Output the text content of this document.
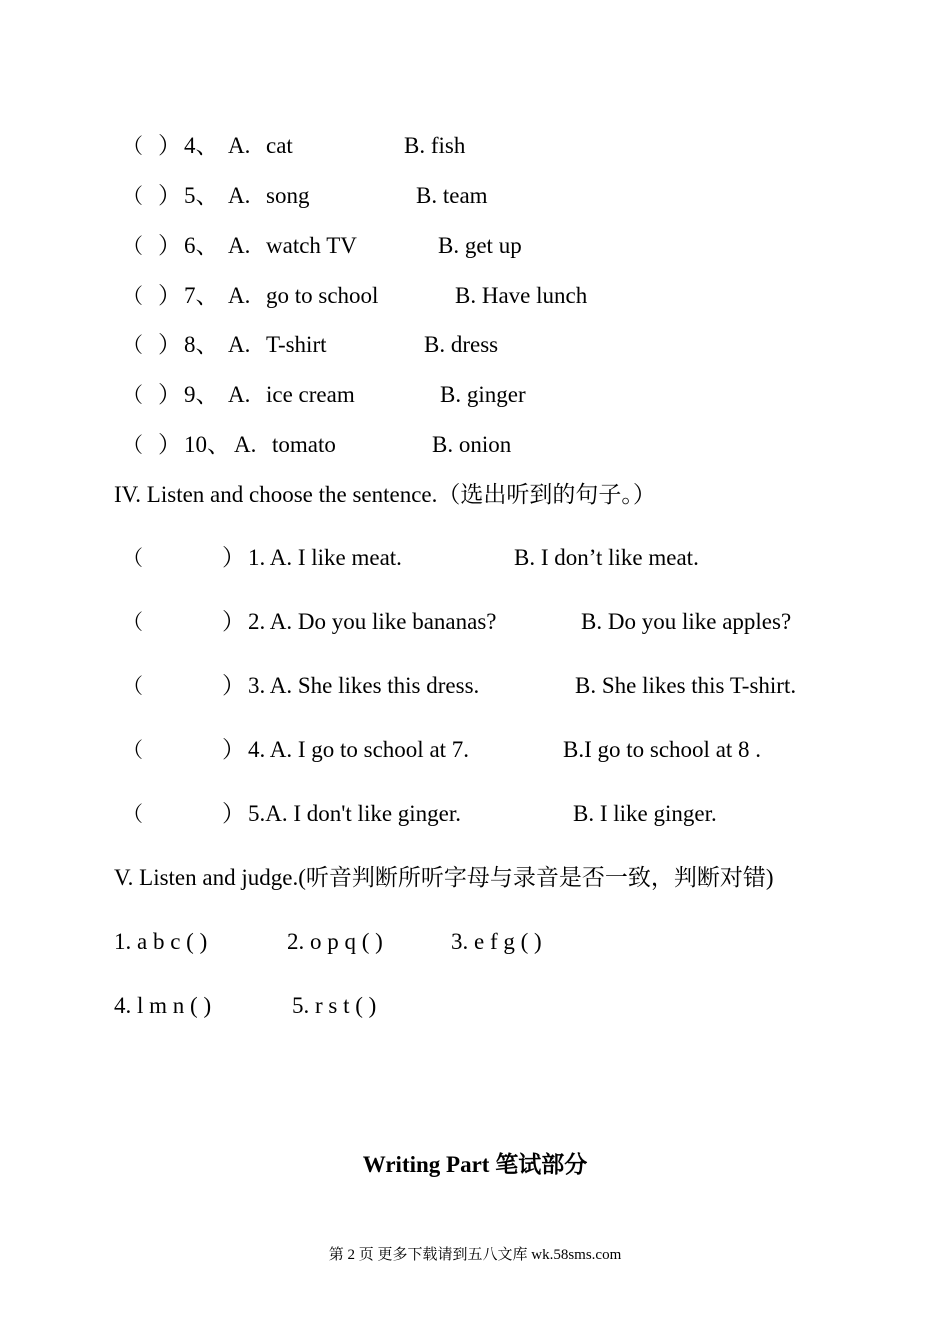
（ ） 4、 A. cat	B. fish
（ ） 5、 A. song	B. team
（ ） 6、 A. watch TV	B. get up
（ ） 7、 A. go to school	B. Have lunch
（ ） 8、 A. T-shirt	B. dress
（ ） 9、 A. ice cream	B. ginger
（ ） 10、 A. tomato	B. onion
IV. Listen and choose the sentence.（选出听到的句子。）
（	） 1. A. I like meat.	B. I don’t like meat.
（	） 2. A. Do you like bananas?	B. Do you like apples?
（	） 3. A. She likes this dress.	B. She likes this T-shirt.
（	） 4. A. I go to school at 7.	B.I go to school at 8 .
（	） 5.A. I don't like ginger.	B. I like ginger.
V. Listen and judge.(听音判断所听字母与录音是否一致，判断对错)
1. a b c ( )	2. o p q ( )	3. e f g ( )
4. l m n ( )	5. r s t ( )
Writing Part 笔试部分
第 2 页 更多下载请到五八文库 wk.58sms.com
